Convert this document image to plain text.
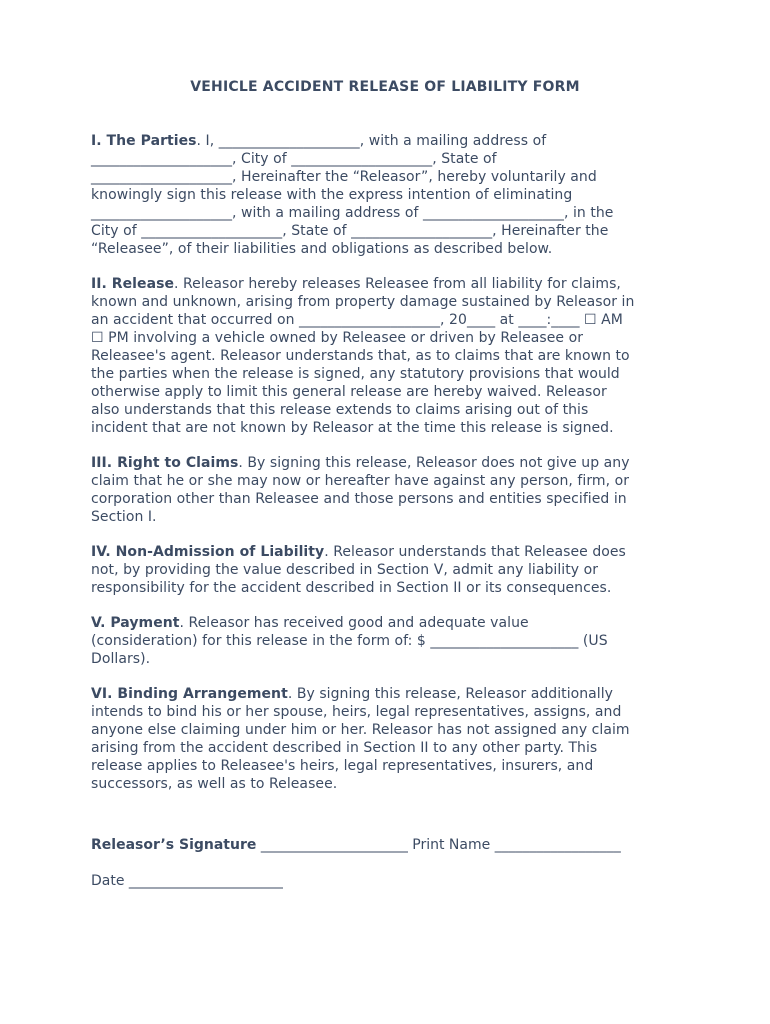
VEHICLE ACCIDENT RELEASE OF LIABILITY FORM
I. The Parties. I, ____________________, with a mailing address of
____________________, City of ____________________, State of
____________________, Hereinafter the “Releasor”, hereby voluntarily and
knowingly sign this release with the express intention of eliminating
____________________, with a mailing address of ____________________, in the
City of ____________________, State of ____________________, Hereinafter the
“Releasee”, of their liabilities and obligations as described below.
II. Release. Releasor hereby releases Releasee from all liability for claims,
known and unknown, arising from property damage sustained by Releasor in
an accident that occurred on ____________________, 20____ at ____:____ ☐ AM
☐ PM involving a vehicle owned by Releasee or driven by Releasee or
Releasee's agent. Releasor understands that, as to claims that are known to
the parties when the release is signed, any statutory provisions that would
otherwise apply to limit this general release are hereby waived. Releasor
also understands that this release extends to claims arising out of this
incident that are not known by Releasor at the time this release is signed.
III. Right to Claims. By signing this release, Releasor does not give up any
claim that he or she may now or hereafter have against any person, firm, or
corporation other than Releasee and those persons and entities specified in
Section I.
IV. Non-Admission of Liability. Releasor understands that Releasee does
not, by providing the value described in Section V, admit any liability or
responsibility for the accident described in Section II or its consequences.
V. Payment. Releasor has received good and adequate value
(consideration) for this release in the form of: $ _____________________ (US
Dollars).
VI. Binding Arrangement. By signing this release, Releasor additionally
intends to bind his or her spouse, heirs, legal representatives, assigns, and
anyone else claiming under him or her. Releasor has not assigned any claim
arising from the accident described in Section II to any other party. This
release applies to Releasee's heirs, legal representatives, insurers, and
successors, as well as to Releasee.
Releasor’s Signature _____________________ Print Name __________________
Date ______________________
